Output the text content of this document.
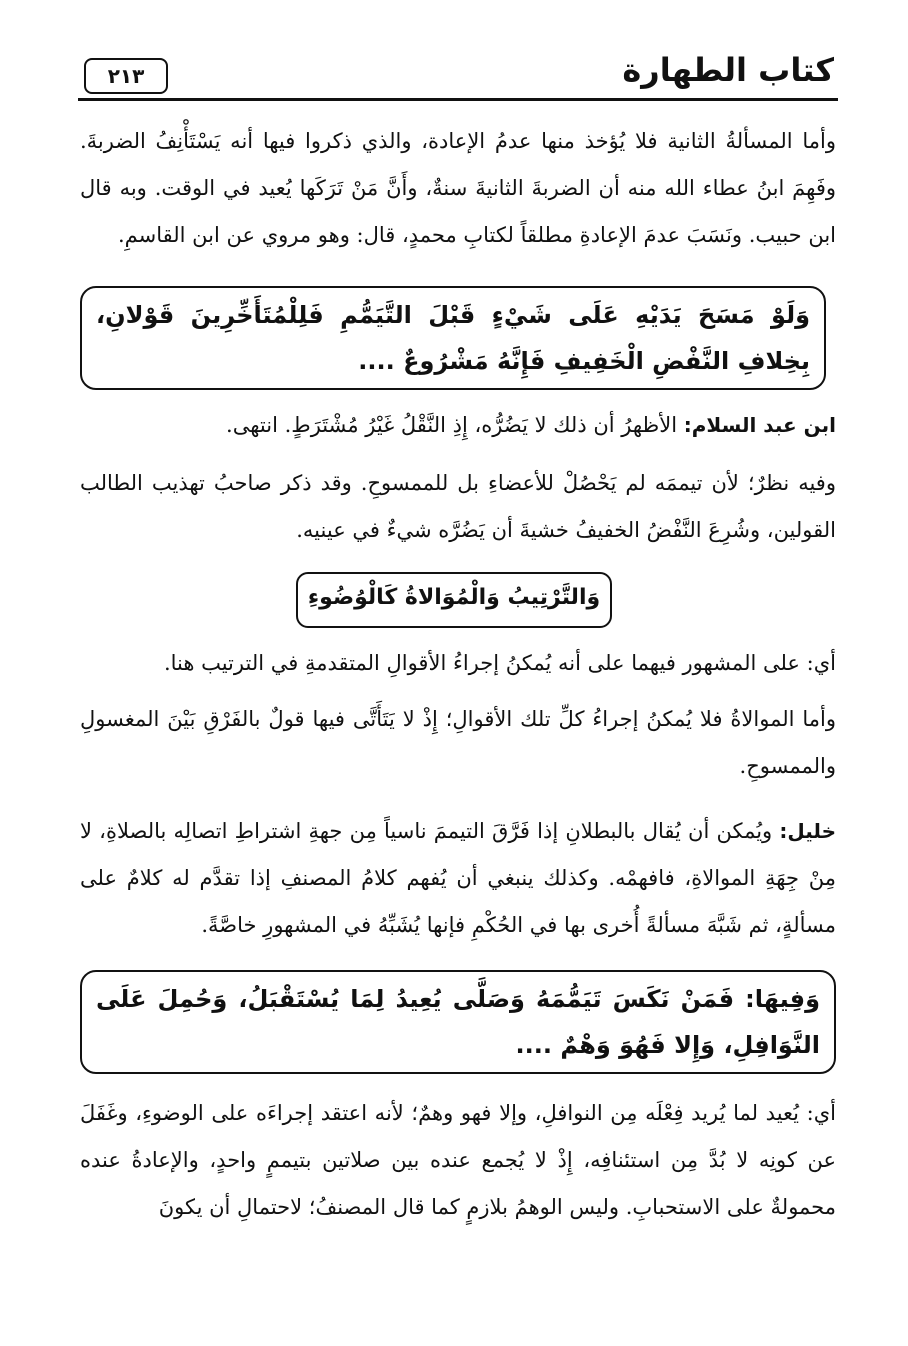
كتاب الطهارة
٢١٣
وأما المسألةُ الثانية فلا يُؤخذ منها عدمُ الإعادة، والذي ذكروا فيها أنه يَسْتَأْنِفُ الضربةَ. وفَهِمَ ابنُ عطاء الله منه أن الضربةَ الثانيةَ سنةٌ، وأَنَّ مَنْ تَرَكَها يُعيد في الوقت. وبه قال ابن حبيب. ونَسَبَ عدمَ الإعادةِ مطلقاً لكتابِ محمدٍ، قال: وهو مروي عن ابن القاسمِ.
وَلَوْ مَسَحَ يَدَيْهِ عَلَى شَيْءٍ قَبْلَ التَّيَمُّمِ فَلِلْمُتَأَخِّرِينَ قَوْلانِ، بِخِلافِ النَّفْضِ الْخَفِيفِ فَإِنَّهُ مَشْرُوعٌ ....
ابن عبد السلام: الأظهرُ أن ذلك لا يَضُرُّه، إِذِ النَّقْلُ غَيْرُ مُشْتَرَطٍ. انتهى.
وفيه نظرٌ؛ لأن تيممَه لم يَحْصُلْ للأعضاءِ بل للممسوحِ. وقد ذكر صاحبُ تهذيب الطالب القولين، وشُرِعَ النَّفْضُ الخفيفُ خشيةَ أن يَضُرَّه شيءٌ في عينيه.
وَالتَّرْتِيبُ وَالْمُوَالاةُ كَالْوُضُوءِ
أي: على المشهور فيهما على أنه يُمكنُ إجراءُ الأقوالِ المتقدمةِ في الترتيب هنا.
وأما الموالاةُ فلا يُمكنُ إجراءُ كلِّ تلك الأقوالِ؛ إِذْ لا يَتَأَتَّى فيها قولٌ بالفَرْقِ بَيْنَ المغسولِ والممسوحِ.
خليل: ويُمكن أن يُقال بالبطلانِ إذا فَرَّقَ التيممَ ناسياً مِن جهةِ اشتراطِ اتصالِه بالصلاةِ، لا مِنْ جِهَةِ الموالاةِ، فافهمْه. وكذلك ينبغي أن يُفهم كلامُ المصنفِ إذا تقدَّم له كلامٌ على مسألةٍ، ثم شَبَّهَ مسألةً أُخرى بها في الحُكْمِ فإنها يُشَبِّهُ في المشهورِ خاصَّةً.
وَفِيهَا: فَمَنْ نَكَسَ تَيَمُّمَهُ وَصَلَّى يُعِيدُ لِمَا يُسْتَقْبَلُ، وَحُمِلَ عَلَى النَّوَافِلِ، وَإِلا فَهُوَ وَهْمٌ ....
أي: يُعيد لما يُريد فِعْلَه مِن النوافلِ، وإلا فهو وهمٌ؛ لأنه اعتقد إجراءَه على الوضوءِ، وغَفَلَ عن كونِه لا بُدَّ مِن استئنافِه، إِذْ لا يُجمع عنده بين صلاتين بتيممٍ واحدٍ، والإعادةُ عنده محمولةٌ على الاستحبابِ. وليس الوهمُ بلازمٍ كما قال المصنفُ؛ لاحتمالِ أن يكونَ
